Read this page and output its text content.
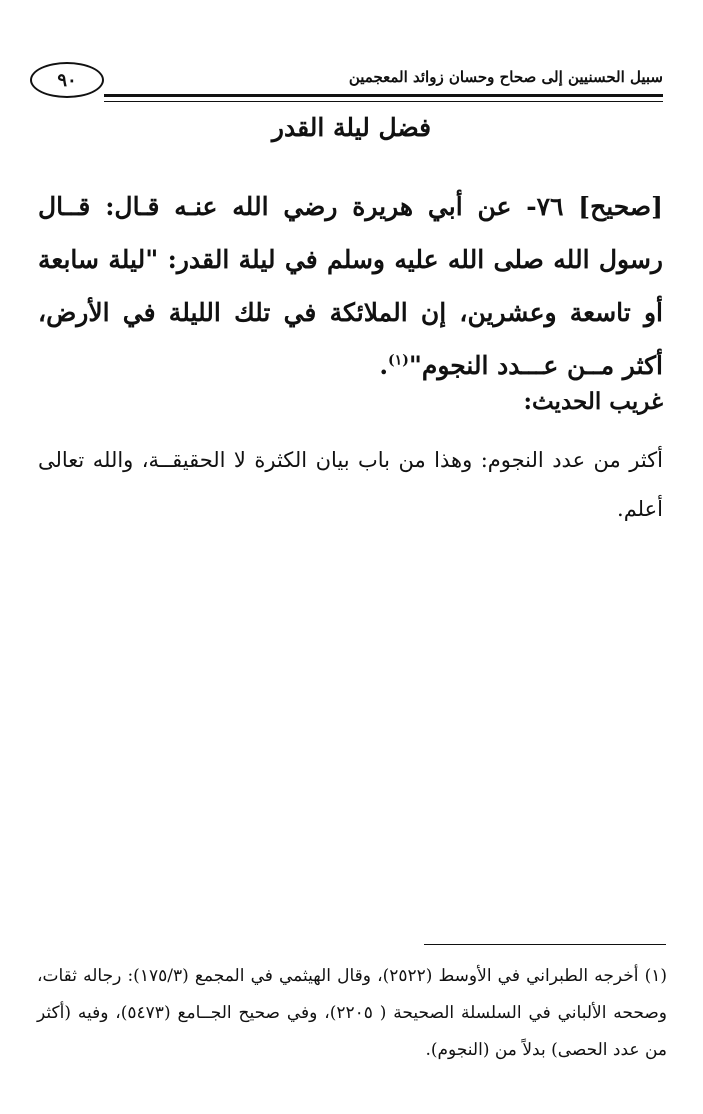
٩٠	سبيل الحسنيين إلى صحاح وحسان زوائد المعجمين
فضل ليلة القدر
[صحيح] ٧٦- عن أبي هريرة رضي الله عنـه قـال: قــال رسول الله صلى الله عليه وسلم في ليلة القدر: "ليلة سابعة أو تاسعة وعشرين، إن الملائكة في تلك الليلة في الأرض، أكثر مــن عـــدد النجوم"$^{(١)}$.
غريب الحديث:
أكثر من عدد النجوم: وهذا من باب بيان الكثرة لا الحقيقــة، والله تعالى أعلم.
(١) أخرجه الطبراني في الأوسط (٢٥٢٢)، وقال الهيثمي في المجمع (١٧٥/٣): رجاله ثقات، وصححه الألباني في السلسلة الصحيحة ( ٢٢٠٥)، وفي صحيح الجــامع (٥٤٧٣)، وفيه (أكثر من عدد الحصى) بدلاً من (النجوم).
